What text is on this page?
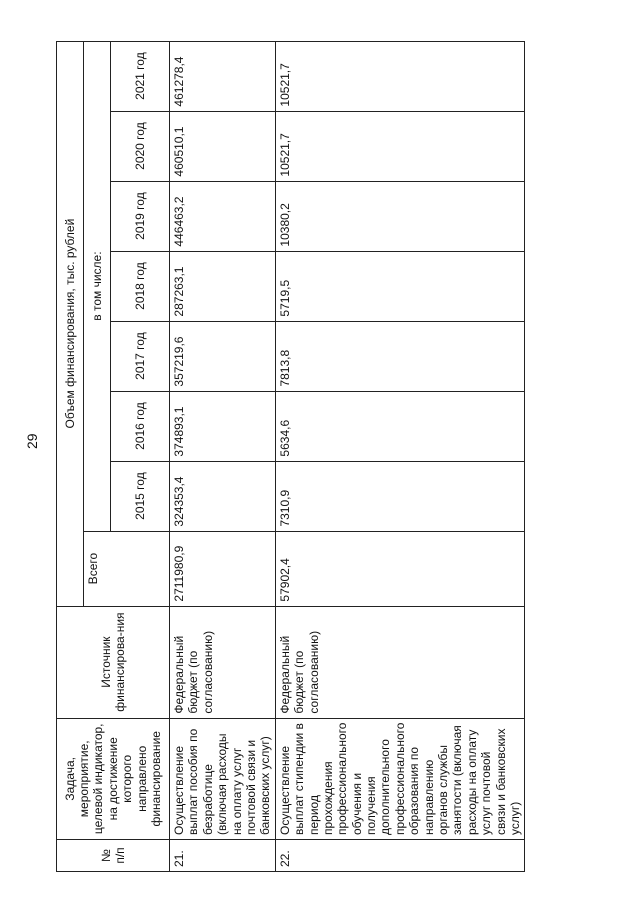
29
№ п/п	Задача, мероприятие, целевой индикатор, на достижение которого направлено финансирование	Источник финансирова-ния	Объем финансирования, тыс. рублей							
			Всего	в том числе:						
				2015 год	2016 год	2017 год	2018 год	2019 год	2020 год	2021 год
21.	Осуществление выплат пособия по безработице (включая расходы на оплату услуг почтовой связи и банковских услуг)	Федеральный бюджет (по согласованию)	2711980,9	324353,4	374893,1	357219,6	287263,1	446463,2	460510,1	461278,4
22.	Осуществление выплат стипендии в период прохождения профессионального обучения и получения дополнительного профессионального образования по направлению органов службы занятости (включая расходы на оплату услуг почтовой связи и банковских услуг)	Федеральный бюджет (по согласованию)	57902,4	7310,9	5634,6	7813,8	5719,5	10380,2	10521,7	10521,7
